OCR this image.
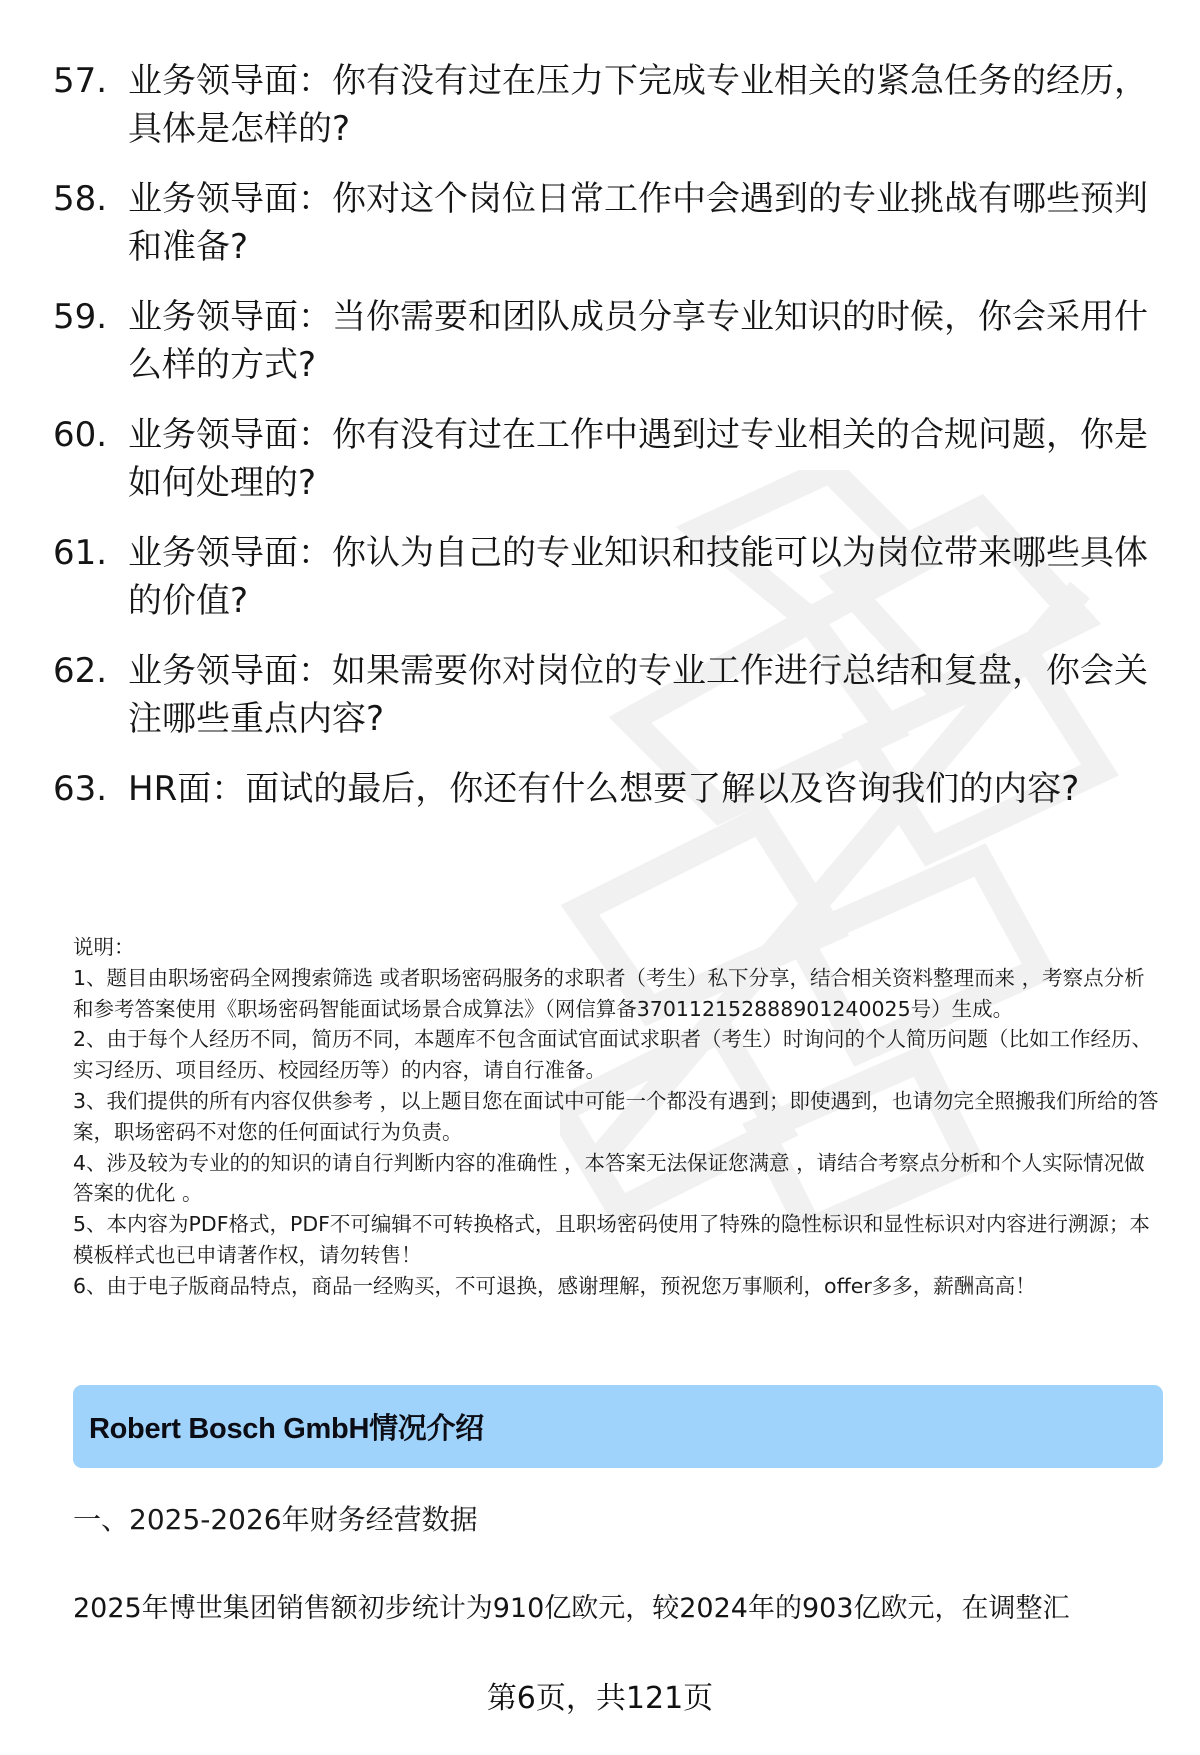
57. 业务领导面：你有没有过在压力下完成专业相关的紧急任务的经历，具体是怎样的?
58. 业务领导面：你对这个岗位日常工作中会遇到的专业挑战有哪些预判和准备?
59. 业务领导面：当你需要和团队成员分享专业知识的时候，你会采用什么样的方式?
60. 业务领导面：你有没有过在工作中遇到过专业相关的合规问题，你是如何处理的?
61. 业务领导面：你认为自己的专业知识和技能可以为岗位带来哪些具体的价值?
62. 业务领导面：如果需要你对岗位的专业工作进行总结和复盘，你会关注哪些重点内容?
63. HR面：面试的最后，你还有什么想要了解以及咨询我们的内容?

说明：

1、题目由职场密码全网搜索筛选 或者职场密码服务的求职者（考生）私下分享，结合相关资料整理而来 ，考察点分析和参考答案使用《职场密码智能面试场景合成算法》（网信算备370112152888901240025号）生成。

2、由于每个人经历不同，简历不同，本题库不包含面试官面试求职者（考生）时询问的个人简历问题（比如工作经历、实习经历、项目经历、校园经历等）的内容，请自行准备。

3、我们提供的所有内容仅供参考 ，以上题目您在面试中可能一个都没有遇到；即使遇到，也请勿完全照搬我们所给的答案，职场密码不对您的任何面试行为负责。

4、涉及较为专业的的知识的请自行判断内容的准确性 ，本答案无法保证您满意 ，请结合考察点分析和个人实际情况做答案的优化 。

5、本内容为PDF格式，PDF不可编辑不可转换格式，且职场密码使用了特殊的隐性标识和显性标识对内容进行溯源；本模板样式也已申请著作权，请勿转售！

6、由于电子版商品特点，商品一经购买，不可退换，感谢理解，预祝您万事顺利，offer多多，薪酬高高！

Robert Bosch GmbH情况介绍
一、2025-2026年财务经营数据
2025年博世集团销售额初步统计为910亿欧元，较2024年的903亿欧元，在调整汇
第6页，共121页
